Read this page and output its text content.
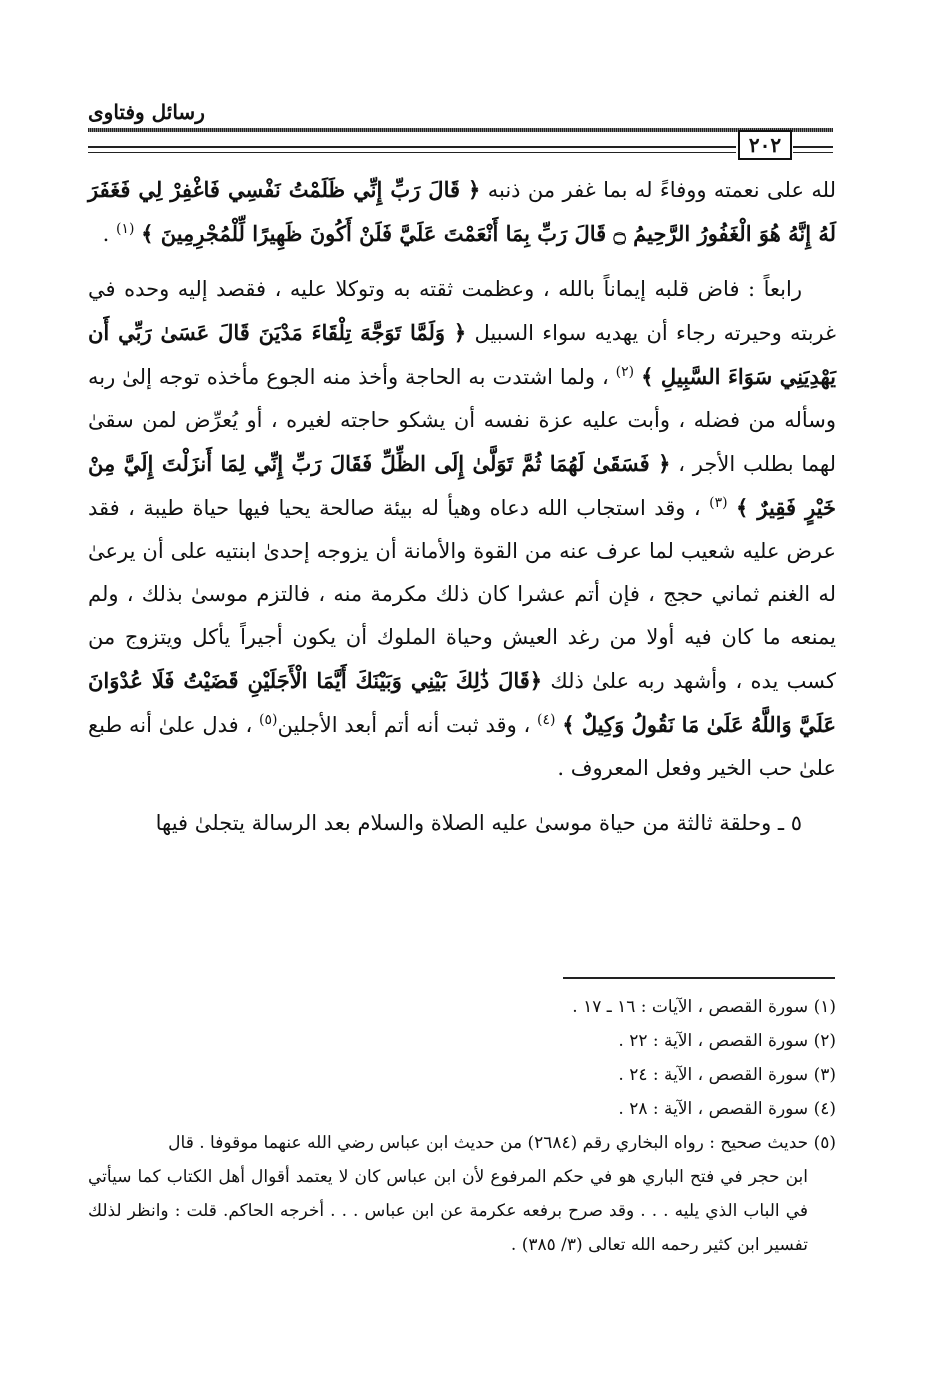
رسائل وفتاوى
٢٠٢

لله على نعمته ووفاءً له بما غفر من ذنبه ﴿ قَالَ رَبِّ إِنِّي ظَلَمْتُ نَفْسِي فَاغْفِرْ لِي فَغَفَرَ لَهُ إِنَّهُ هُوَ الْغَفُورُ الرَّحِيمُ ۝ قَالَ رَبِّ بِمَا أَنْعَمْتَ عَلَيَّ فَلَنْ أَكُونَ ظَهِيرًا لِّلْمُجْرِمِينَ ﴾ $^{(١)}$ .

رابعاً : فاض قلبه إيماناً بالله ، وعظمت ثقته به وتوكلا عليه ، فقصد إليه وحده في غربته وحيرته رجاء أن يهديه سواء السبيل ﴿ وَلَمَّا تَوَجَّهَ تِلْقَاءَ مَدْيَنَ قَالَ عَسَىٰ رَبِّي أَن يَهْدِيَنِي سَوَاءَ السَّبِيلِ ﴾ $^{(٢)}$ ، ولما اشتدت به الحاجة وأخذ منه الجوع مأخذه توجه إلىٰ ربه وسأله من فضله ، وأبت عليه عزة نفسه أن يشكو حاجته لغيره ، أو يُعرِّض لمن سقىٰ لهما بطلب الأجر ، ﴿ فَسَقَىٰ لَهُمَا ثُمَّ تَوَلَّىٰ إِلَى الظِّلِّ فَقَالَ رَبِّ إِنِّي لِمَا أَنزَلْتَ إِلَيَّ مِنْ خَيْرٍ فَقِيرٌ ﴾ $^{(٣)}$ ، وقد استجاب الله دعاه وهيأ له بيئة صالحة يحيا فيها حياة طيبة ، فقد عرض عليه شعيب لما عرف عنه من القوة والأمانة أن يزوجه إحدىٰ ابنتيه على أن يرعىٰ له الغنم ثماني حجج ، فإن أتم عشرا كان ذلك مكرمة منه ، فالتزم موسىٰ بذلك ، ولم يمنعه ما كان فيه أولا من رغد العيش وحياة الملوك أن يكون أجيراً يأكل ويتزوج من كسب يده ، وأشهد ربه علىٰ ذلك ﴿قَالَ ذَٰلِكَ بَيْنِي وَبَيْنَكَ أَيَّمَا الْأَجَلَيْنِ قَضَيْتُ فَلَا عُدْوَانَ عَلَيَّ وَاللَّهُ عَلَىٰ مَا نَقُولُ وَكِيلٌ ﴾ $^{(٤)}$ ، وقد ثبت أنه أتم أبعد الأجلين$^{(٥)}$ ، فدل علىٰ أنه طبع علىٰ حب الخير وفعل المعروف .

٥ ـ وحلقة ثالثة من حياة موسىٰ عليه الصلاة والسلام بعد الرسالة يتجلىٰ فيها

(١) سورة القصص ، الآيات : ١٦ ـ ١٧ .

(٢) سورة القصص ، الآية : ٢٢ .

(٣) سورة القصص ، الآية : ٢٤ .

(٤) سورة القصص ، الآية : ٢٨ .

(٥) حديث صحيح : رواه البخاري رقم (٢٦٨٤) من حديث ابن عباس رضي الله عنهما موقوفا . قال
ابن حجر في فتح الباري هو في حكم المرفوع لأن ابن عباس كان لا يعتمد أقوال أهل الكتاب كما سيأتي في الباب الذي يليه . . . وقد صرح برفعه عكرمة عن ابن عباس . . . أخرجه الحاكم. قلت : وانظر لذلك تفسير ابن كثير رحمه الله تعالى (٣/ ٣٨٥) .
